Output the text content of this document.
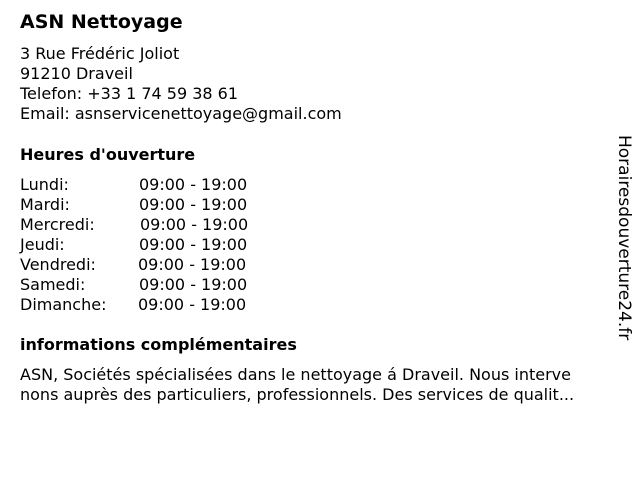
ASN Nettoyage
3 Rue Frédéric Joliot
91210 Draveil
Telefon: +33 1 74 59 38 61
Email: asnservicenettoyage@gmail.com
Heures d'ouverture
Lundi:	09:00 - 19:00
Mardi:	09:00 - 19:00
Mercredi:	09:00 - 19:00
Jeudi:	09:00 - 19:00
Vendredi:	09:00 - 19:00
Samedi:	09:00 - 19:00
Dimanche: 09:00 - 19:00
informations complémentaires
ASN, Sociétés spécialisées dans le nettoyage á Draveil. Nous interve
nons auprès des particuliers, professionnels. Des services de qualit...
Horairesdouverture24.fr
